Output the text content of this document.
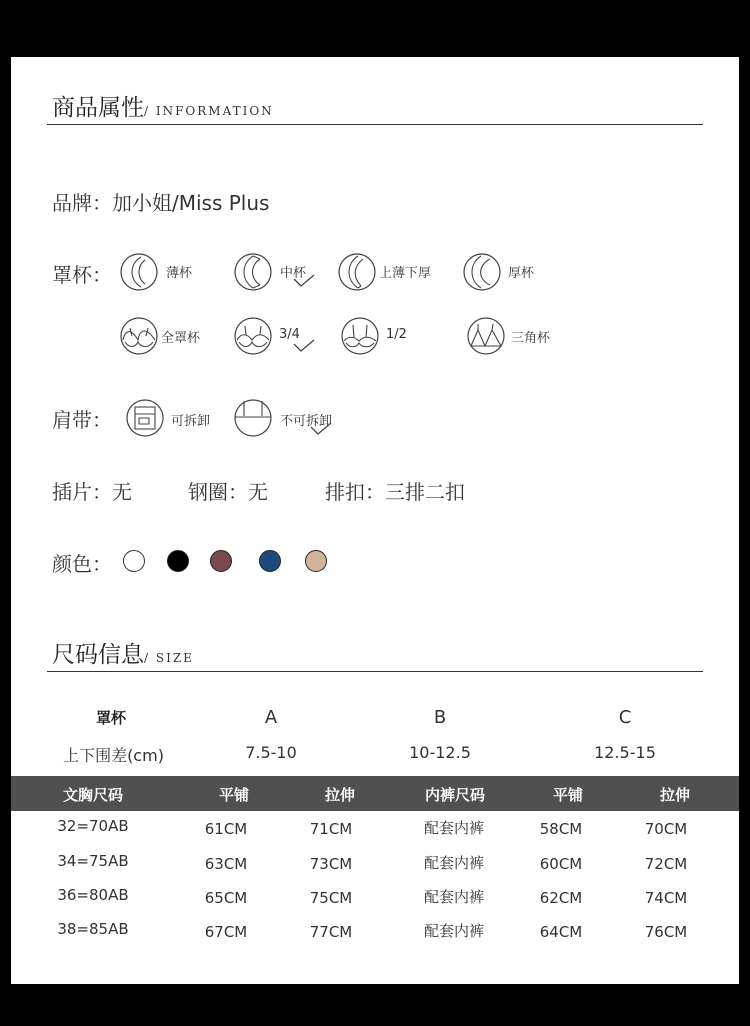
商品属性/ INFORMATION
品牌：加小姐/Miss Plus
罩杯：	薄杯	中杯	上薄下厚	厚杯
全罩杯	3/4	1/2	三角杯
肩带：	可拆卸	不可拆卸
插片：无	钢圈：无	排扣：三排二扣
颜色：
尺码信息/ SIZE
罩杯	A	B	C
上下围差(cm)	7.5-10	10-12.5	12.5-15
文胸尺码	平铺	拉伸	内裤尺码	平铺	拉伸
32=70AB	61CM	71CM	配套内裤	58CM	70CM
34=75AB	63CM	73CM	配套内裤	60CM	72CM
36=80AB	65CM	75CM	配套内裤	62CM	74CM
38=85AB	67CM	77CM	配套内裤	64CM	76CM
